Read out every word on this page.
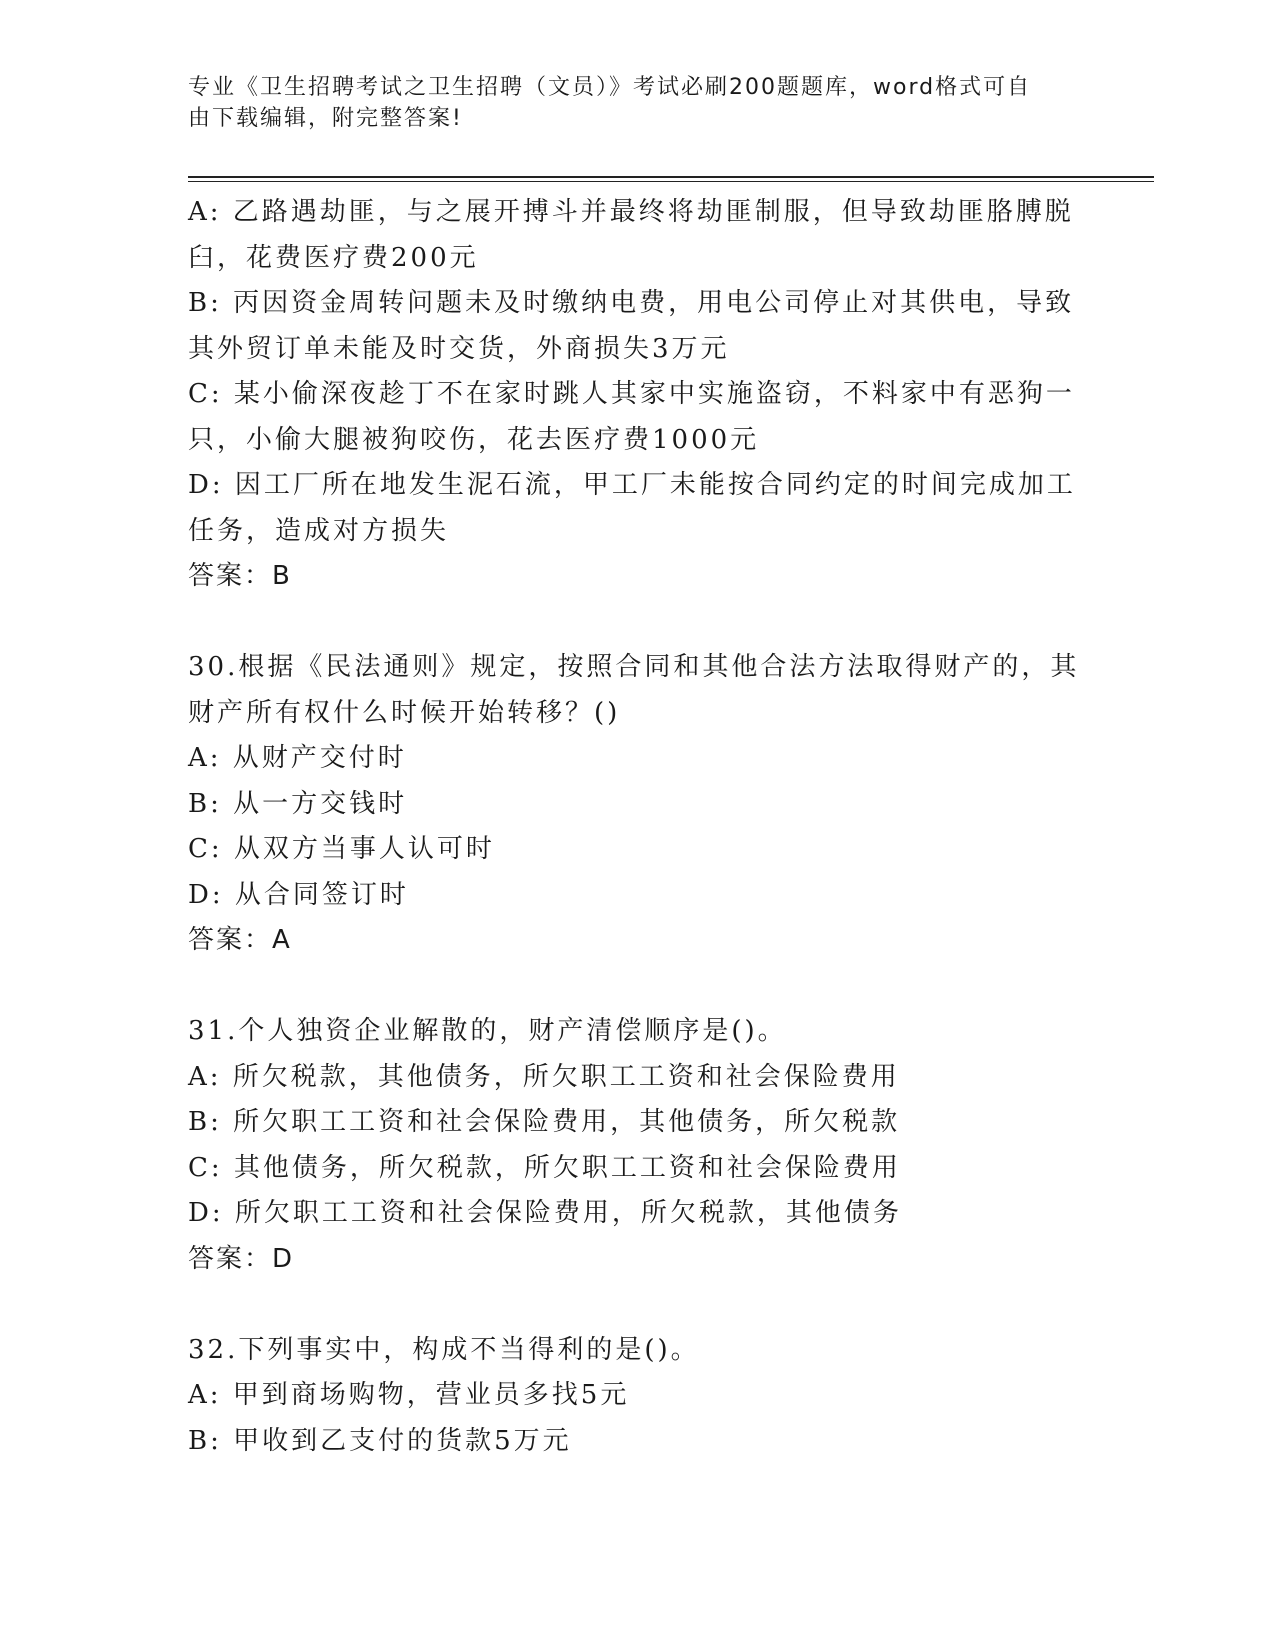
专业《卫生招聘考试之卫生招聘（文员）》考试必刷200题题库，word格式可自
由下载编辑，附完整答案!
A: 乙路遇劫匪，与之展开搏斗并最终将劫匪制服，但导致劫匪胳膊脱
臼，花费医疗费200元
B: 丙因资金周转问题未及时缴纳电费，用电公司停止对其供电，导致
其外贸订单未能及时交货，外商损失3万元
C: 某小偷深夜趁丁不在家时跳人其家中实施盗窃，不料家中有恶狗一
只，小偷大腿被狗咬伤，花去医疗费1000元
D: 因工厂所在地发生泥石流，甲工厂未能按合同约定的时间完成加工
任务，造成对方损失
答案：B
30.根据《民法通则》规定，按照合同和其他合法方法取得财产的，其
财产所有权什么时候开始转移？()
A: 从财产交付时
B: 从一方交钱时
C: 从双方当事人认可时
D: 从合同签订时
答案：A
31.个人独资企业解散的，财产清偿顺序是()。
A: 所欠税款，其他债务，所欠职工工资和社会保险费用
B: 所欠职工工资和社会保险费用，其他债务，所欠税款
C: 其他债务，所欠税款，所欠职工工资和社会保险费用
D: 所欠职工工资和社会保险费用，所欠税款，其他债务
答案：D
32.下列事实中，构成不当得利的是()。
A: 甲到商场购物，营业员多找5元
B: 甲收到乙支付的货款5万元
